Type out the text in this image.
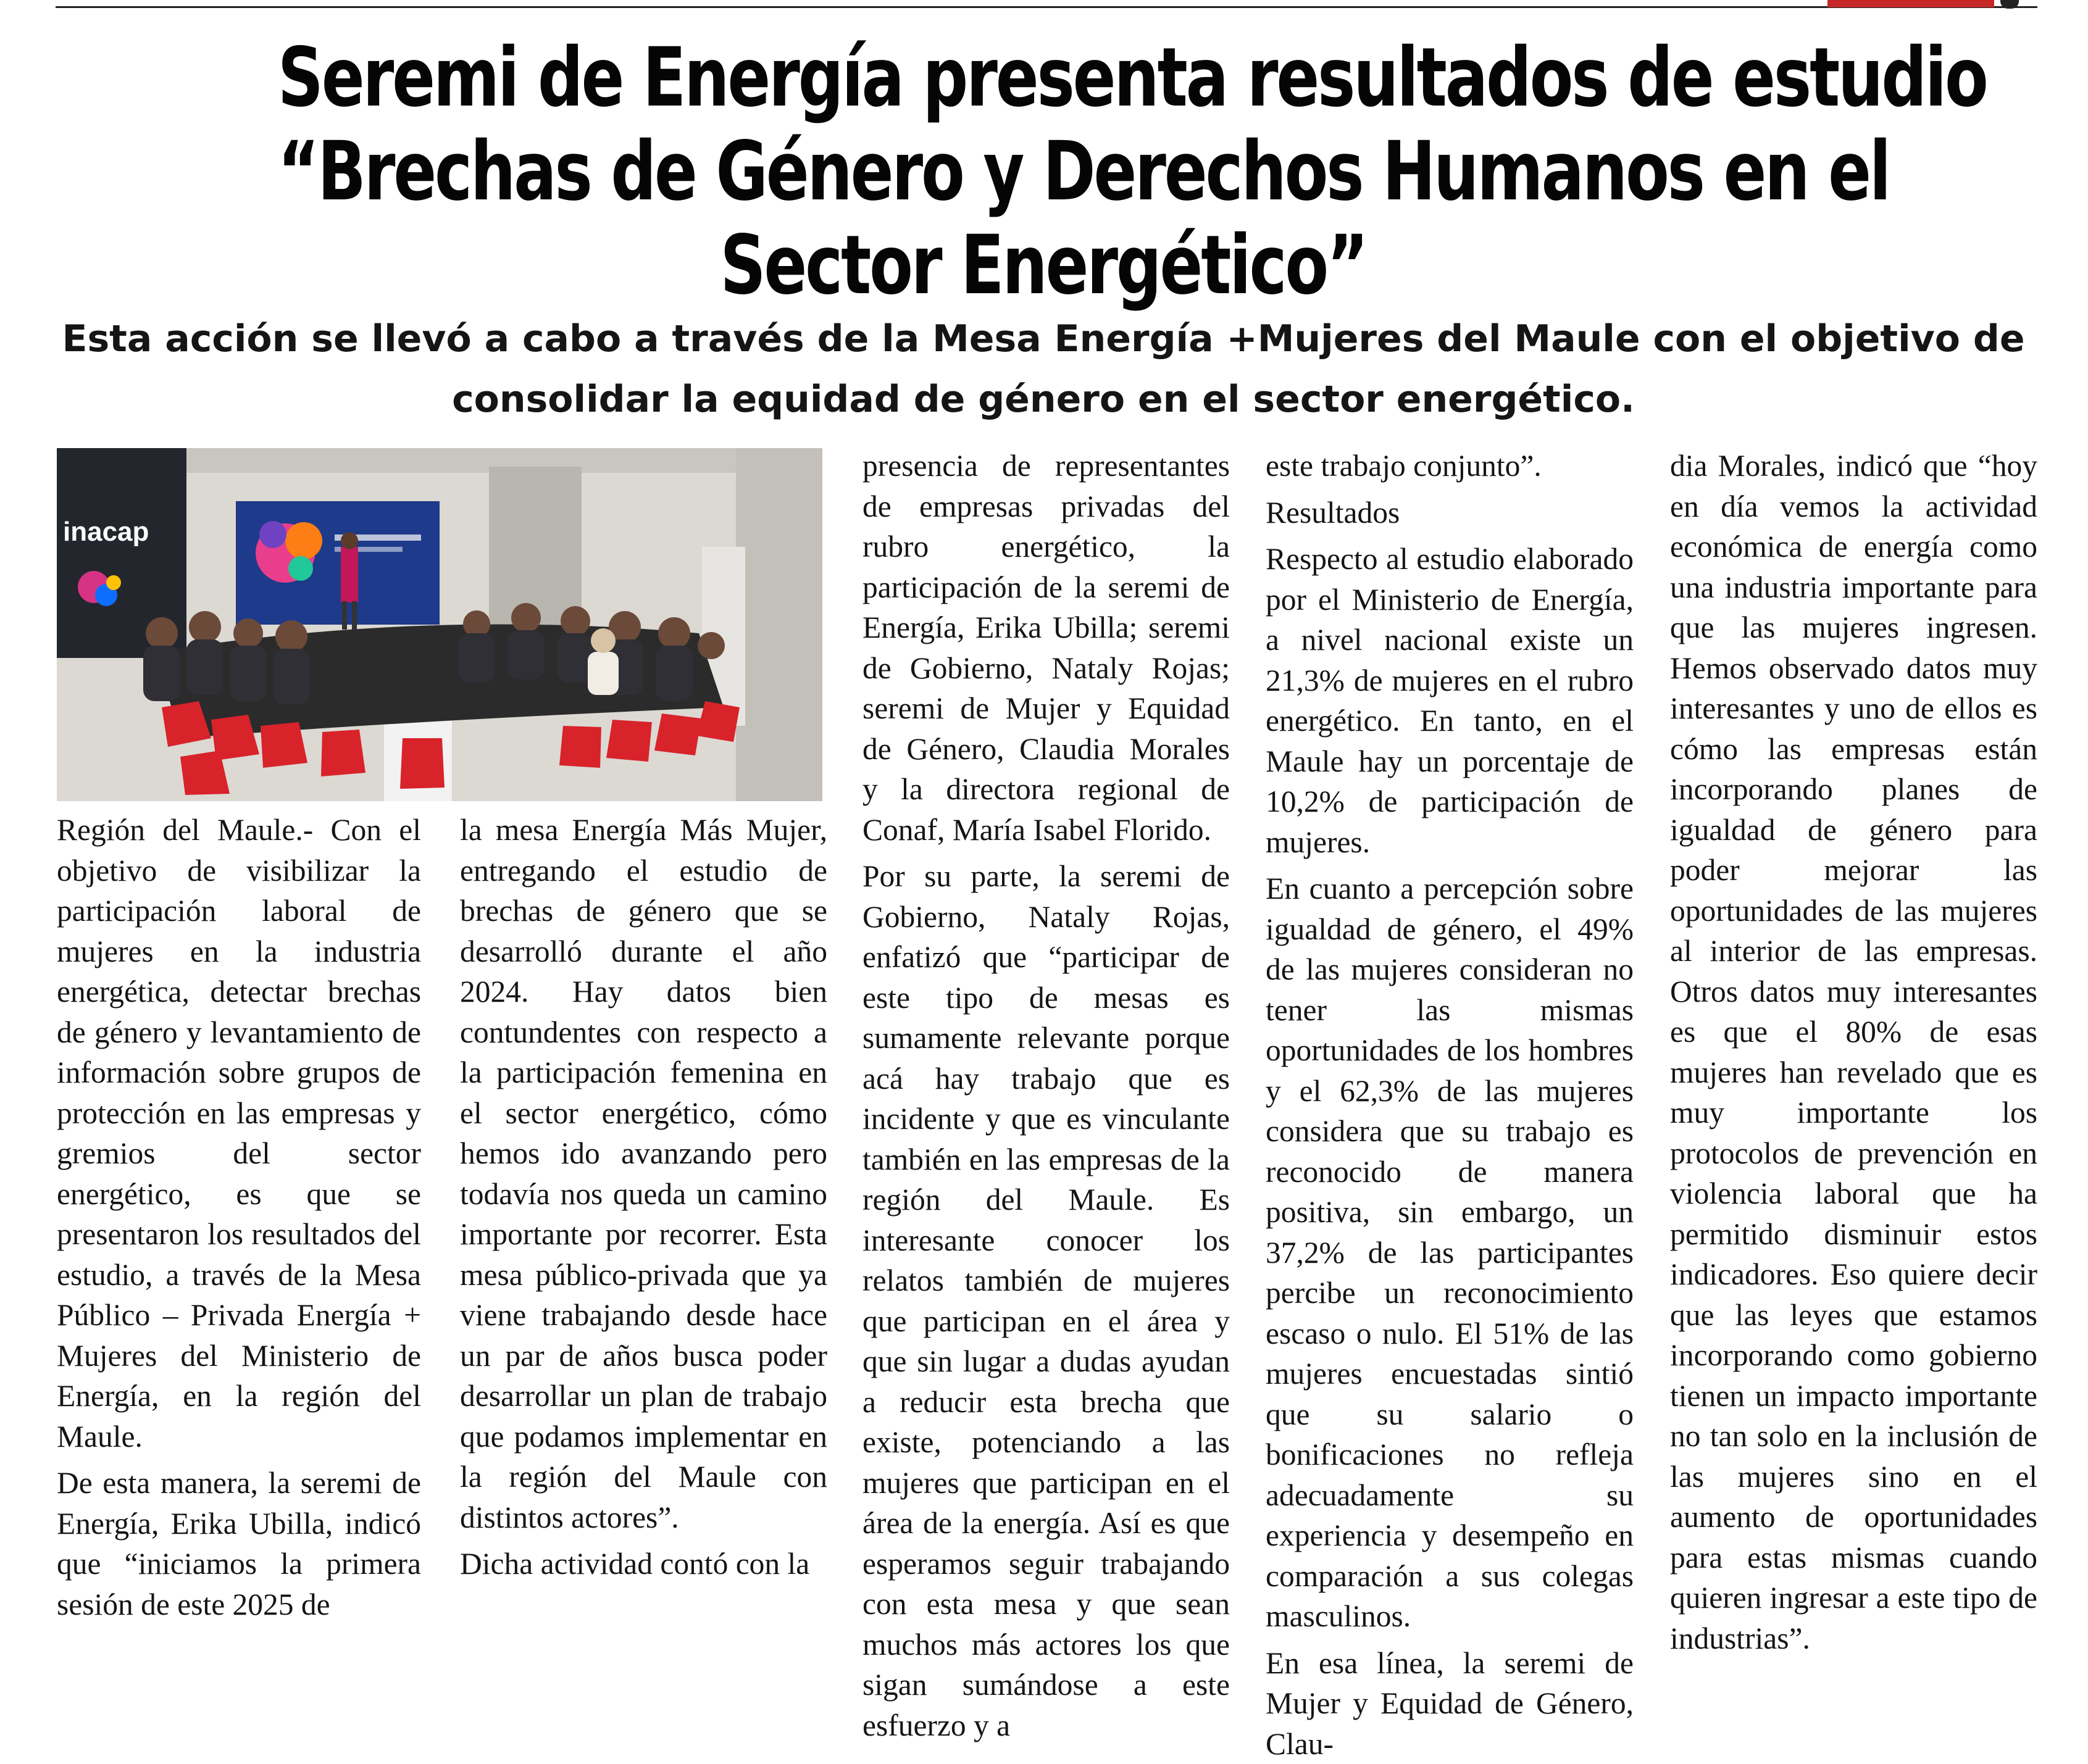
Seremi de Energía presenta resultados de estudio
“Brechas de Género y Derechos Humanos en el
Sector Energético”
Esta acción se llevó a cabo a través de la Mesa Energía +Mujeres del Maule con el objetivo de consolidar la equidad de género en el sector energético.
inacap

Región del Maule.- Con el objetivo de visibilizar la participación laboral de mujeres en la industria energética, detectar brechas de género y levantamiento de información sobre grupos de protección en las empresas y gremios del sector energético, es que se presentaron los resultados del estudio, a través de la Mesa Público – Privada Energía + Mujeres del Ministerio de Energía, en la región del Maule.

De esta manera, la seremi de Energía, Erika Ubilla, indicó que “iniciamos la primera sesión de este 2025 de

la mesa Energía Más Mujer, entregando el estudio de brechas de género que se desarrolló durante el año 2024. Hay datos bien contundentes con respecto a la participación femenina en el sector energético, cómo hemos ido avanzando pero todavía nos queda un camino importante por recorrer. Esta mesa público-privada que ya viene trabajando desde hace un par de años busca poder desarrollar un plan de trabajo que podamos implementar en la región del Maule con distintos actores”.

Dicha actividad contó con la

presencia de representantes de empresas privadas del rubro energético, la participación de la seremi de Energía, Erika Ubilla; seremi de Gobierno, Nataly Rojas; seremi de Mujer y Equidad de Género, Claudia Morales y la directora regional de Conaf, María Isabel Florido.

Por su parte, la seremi de Gobierno, Nataly Rojas, enfatizó que “participar de este tipo de mesas es sumamente relevante porque acá hay trabajo que es incidente y que es vinculante también en las empresas de la región del Maule. Es interesante conocer los relatos también de mujeres que participan en el área y que sin lugar a dudas ayudan a reducir esta brecha que existe, potenciando a las mujeres que participan en el área de la energía. Así es que esperamos seguir trabajando con esta mesa y que sean muchos más actores los que sigan sumándose a este esfuerzo y a

este trabajo conjunto”.

Resultados

Respecto al estudio elaborado por el Ministerio de Energía, a nivel nacional existe un 21,3% de mujeres en el rubro energético. En tanto, en el Maule hay un porcentaje de 10,2% de participación de mujeres.

En cuanto a percepción sobre igualdad de género, el 49% de las mujeres consideran no tener las mismas oportunidades de los hombres y el 62,3% de las mujeres considera que su trabajo es reconocido de manera positiva, sin embargo, un 37,2% de las participantes percibe un reconocimiento escaso o nulo. El 51% de las mujeres encuestadas sintió que su salario o bonificaciones no refleja adecuadamente su experiencia y desempeño en comparación a sus colegas masculinos.

En esa línea, la seremi de Mujer y Equidad de Género, Clau-

dia Morales, indicó que “hoy en día vemos la actividad económica de energía como una industria importante para que las mujeres ingresen. Hemos observado datos muy interesantes y uno de ellos es cómo las empresas están incorporando planes de igualdad de género para poder mejorar las oportunidades de las mujeres al interior de las empresas. Otros datos muy interesantes es que el 80% de esas mujeres han revelado que es muy importante los protocolos de prevención en violencia laboral que ha permitido disminuir estos indicadores. Eso quiere decir que las leyes que estamos incorporando como gobierno tienen un impacto importante no tan solo en la inclusión de las mujeres sino en el aumento de oportunidades para estas mismas cuando quieren ingresar a este tipo de industrias”.
